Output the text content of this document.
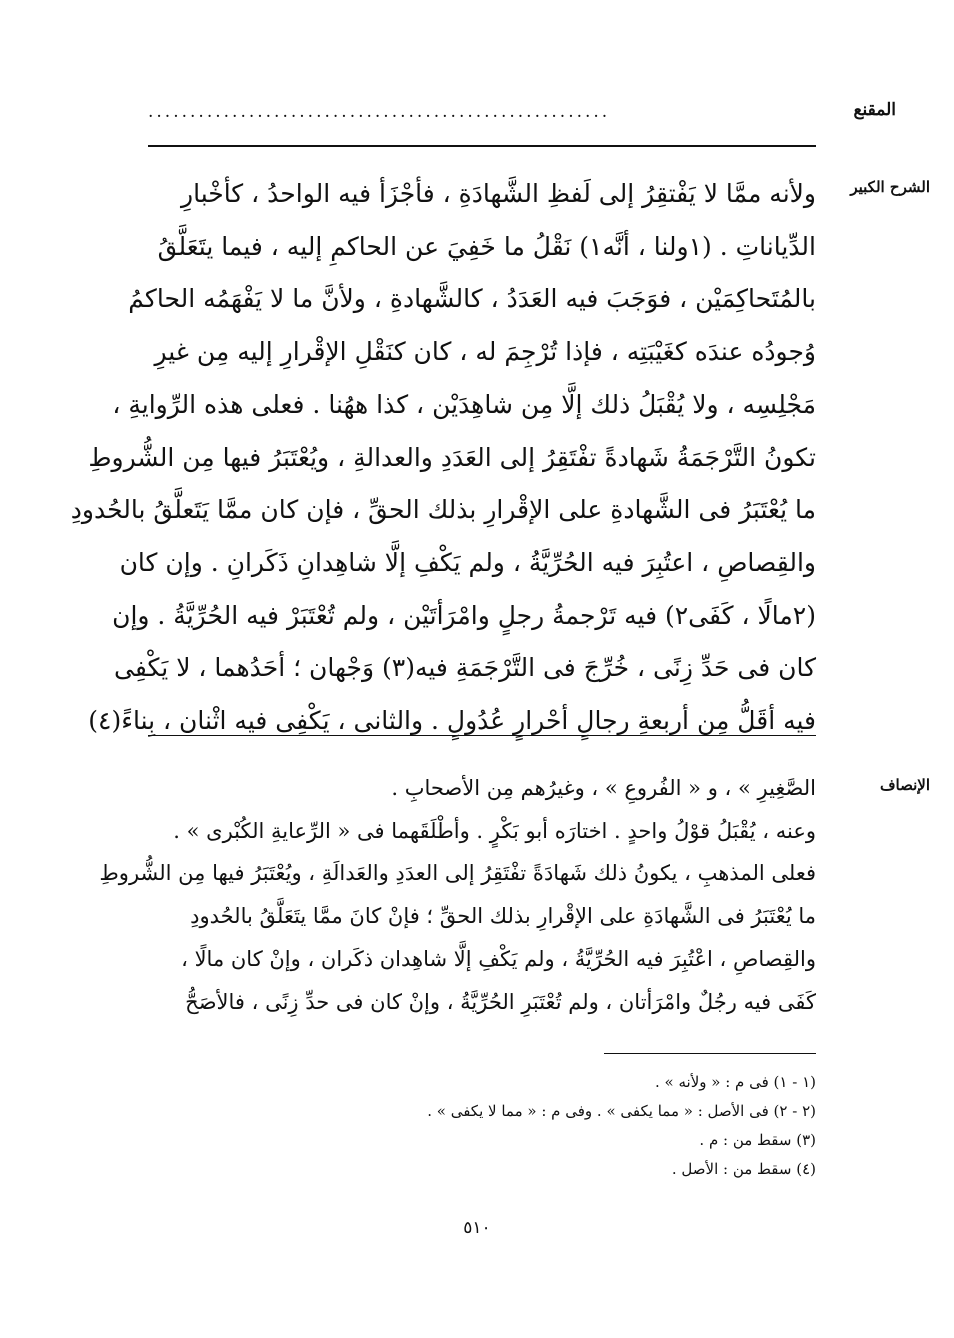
المقنع
.......................................................
الشرح الكبير

ولأنه ممَّا لا يَفْتقِرُ إلى لَفظِ الشَّهادَةِ ، فأجْزَأ فيه الواحدُ ، كأخْبارِ

الدِّياناتِ . (١ولنا ، أنَّه١) نَقْلُ ما خَفِيَ عن الحاكمِ إليه ، فيما يتَعَلَّقُ

بالمُتَحاكِمَيْن ، فوَجَبَ فيه العَدَدُ ، كالشَّهادةِ ، ولأنَّ ما لا يَفْهَمُه الحاكمُ

وُجودُه عندَه كغَيْبَتِه ، فإذا تُرْجِمَ له ، كان كنَقْلِ الإقْرارِ إليه مِن غيرِ

مَجْلِسِه ، ولا يُقْبَلُ ذلك إلَّا مِن شاهِدَيْن ، كذا ههُنا . فعلى هذه الرِّوايةِ ،

تكونُ التَّرْجَمَةُ شَهادةً تفْتَقِرُ إلى العَدَدِ والعدالةِ ، ويُعْتَبَرُ فيها مِن الشُّروطِ

ما يُعْتَبَرُ فى الشَّهادةِ على الإقْرارِ بذلك الحقِّ ، فإن كان ممَّا يَتَعلَّقُ بالحُدودِ

والقِصاصِ ، اعتُبِرَ فيه الحُرِّيَّةُ ، ولم يَكْفِ إلَّا شاهِدانِ ذَكَرانِ . وإن كان

(٢مالًا ، كَفَى٢) فيه تَرْجمةُ رجلٍ وامْرَأتَيْن ، ولم تُعْتَبَرْ فيه الحُرِّيَّةُ . وإن

كان فى حَدِّ زِنًى ، خُرِّجَ فى التَّرْجَمَةِ فيه(٣) وَجْهان ؛ أحَدُهما ، لا يَكْفِى

فيه أقَلُّ مِن أربعةِ رجالٍ أحْرارٍ عُدُولٍ . والثانى ، يَكْفِى فيه اثْنان ، بِناءً(٤)

الإنصاف

الصَّغِيرِ » ، و « الفُروعِ » ، وغيرُهم مِن الأصحابِ .

وعنه ، يُقْبَلُ قوْلُ واحدٍ . اختارَه أبو بَكْرٍ . وأطْلَقَهما فى « الرِّعايةِ الكُبْرى » .

فعلى المذهبِ ، يكونُ ذلك شَهادَةً تفْتَقِرُ إلى العدَدِ والعَدالَةِ ، ويُعْتَبَرُ فيها مِن الشُّروطِ

ما يُعْتَبَرُ فى الشَّهادَةِ على الإقْرارِ بذلك الحقِّ ؛ فإنْ كانَ ممَّا يتَعَلَّقُ بالحُدودِ

والقِصاصِ ، اعْتُبِرَ فيه الحُرِّيَّةُ ، ولم يَكْفِ إلَّا شاهِدان ذكَران ، وإنْ كان مالًا ،

كَفَى فيه رجُلٌ وامْرَأتان ، ولم تُعْتَبَرِ الحُرِّيَّةُ ، وإنْ كان فى حدِّ زِنًى ، فالأصَحُّ

(١ - ١) فى م : « ولأنه » .
(٢ - ٢) فى الأصل : « مما يكفى » . وفى م : « مما لا يكفى » .
(٣) سقط من : م .
(٤) سقط من : الأصل .
٥١٠
